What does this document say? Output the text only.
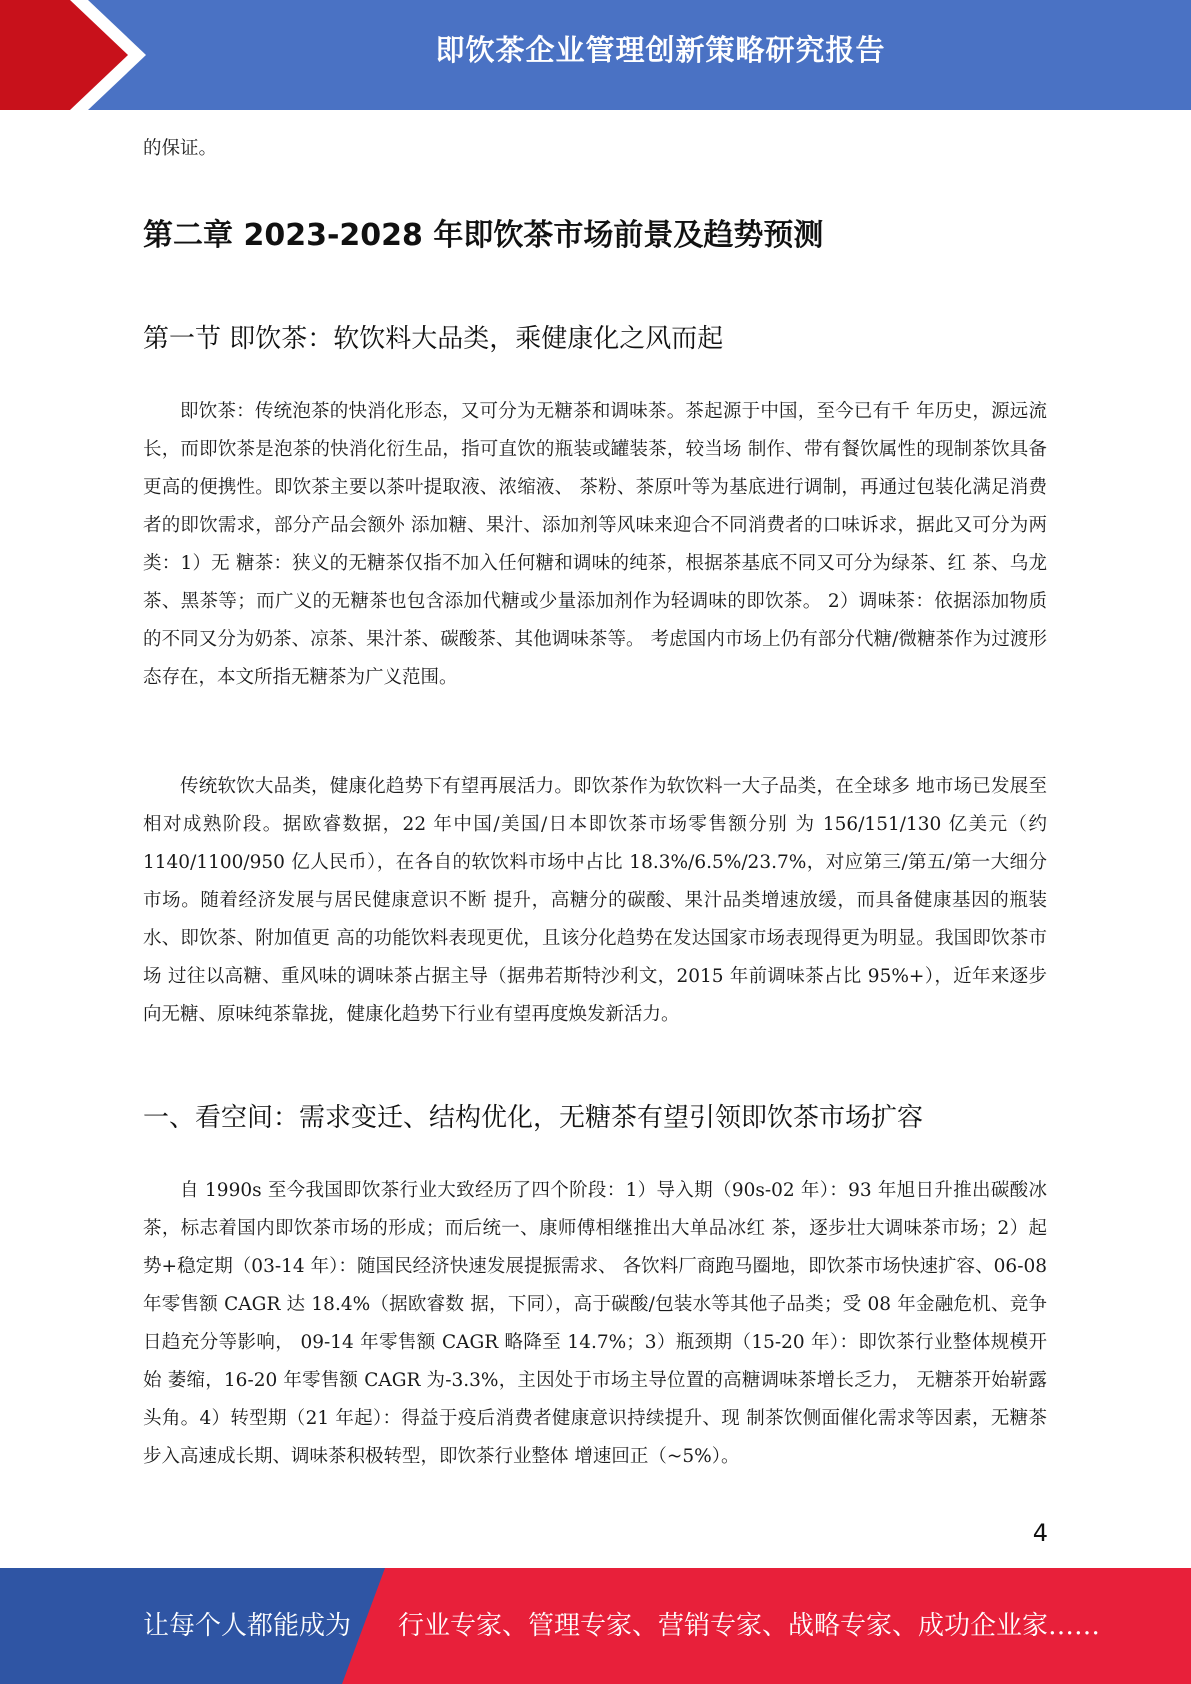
即饮茶企业管理创新策略研究报告

的保证。

第二章 2023-2028 年即饮茶市场前景及趋势预测
第一节 即饮茶：软饮料大品类，乘健康化之风而起

即饮茶：传统泡茶的快消化形态，又可分为无糖茶和调味茶。茶起源于中国，至今已有千 年历史，源远流长，而即饮茶是泡茶的快消化衍生品，指可直饮的瓶装或罐装茶，较当场 制作、带有餐饮属性的现制茶饮具备更高的便携性。即饮茶主要以茶叶提取液、浓缩液、 茶粉、茶原叶等为基底进行调制，再通过包装化满足消费者的即饮需求，部分产品会额外 添加糖、果汁、添加剂等风味来迎合不同消费者的口味诉求，据此又可分为两类：1）无 糖茶：狭义的无糖茶仅指不加入任何糖和调味的纯茶，根据茶基底不同又可分为绿茶、红 茶、乌龙茶、黑茶等；而广义的无糖茶也包含添加代糖或少量添加剂作为轻调味的即饮茶。 2）调味茶：依据添加物质的不同又分为奶茶、凉茶、果汁茶、碳酸茶、其他调味茶等。 考虑国内市场上仍有部分代糖/微糖茶作为过渡形态存在，本文所指无糖茶为广义范围。

传统软饮大品类，健康化趋势下有望再展活力。即饮茶作为软饮料一大子品类，在全球多 地市场已发展至相对成熟阶段。据欧睿数据，22 年中国/美国/日本即饮茶市场零售额分别 为 156/151/130 亿美元（约 1140/1100/950 亿人民币），在各自的软饮料市场中占比 18.3%/6.5%/23.7%，对应第三/第五/第一大细分市场。随着经济发展与居民健康意识不断 提升，高糖分的碳酸、果汁品类增速放缓，而具备健康基因的瓶装水、即饮茶、附加值更 高的功能饮料表现更优，且该分化趋势在发达国家市场表现得更为明显。我国即饮茶市场 过往以高糖、重风味的调味茶占据主导（据弗若斯特沙利文，2015 年前调味茶占比 95%+），近年来逐步向无糖、原味纯茶靠拢，健康化趋势下行业有望再度焕发新活力。

一、看空间：需求变迁、结构优化，无糖茶有望引领即饮茶市场扩容

自 1990s 至今我国即饮茶行业大致经历了四个阶段：1）导入期（90s-02 年）：93 年旭日升推出碳酸冰茶，标志着国内即饮茶市场的形成；而后统一、康师傅相继推出大单品冰红 茶，逐步壮大调味茶市场；2）起势+稳定期（03-14 年）：随国民经济快速发展提振需求、 各饮料厂商跑马圈地，即饮茶市场快速扩容、06-08 年零售额 CAGR 达 18.4%（据欧睿数 据，下同），高于碳酸/包装水等其他子品类；受 08 年金融危机、竞争日趋充分等影响， 09-14 年零售额 CAGR 略降至 14.7%；3）瓶颈期（15-20 年）：即饮茶行业整体规模开始 萎缩，16-20 年零售额 CAGR 为-3.3%，主因处于市场主导位置的高糖调味茶增长乏力， 无糖茶开始崭露头角。4）转型期（21 年起）：得益于疫后消费者健康意识持续提升、现 制茶饮侧面催化需求等因素，无糖茶步入高速成长期、调味茶积极转型，即饮茶行业整体 增速回正（~5%）。

4
让每个人都能成为 行业专家、管理专家、营销专家、战略专家、成功企业家……
